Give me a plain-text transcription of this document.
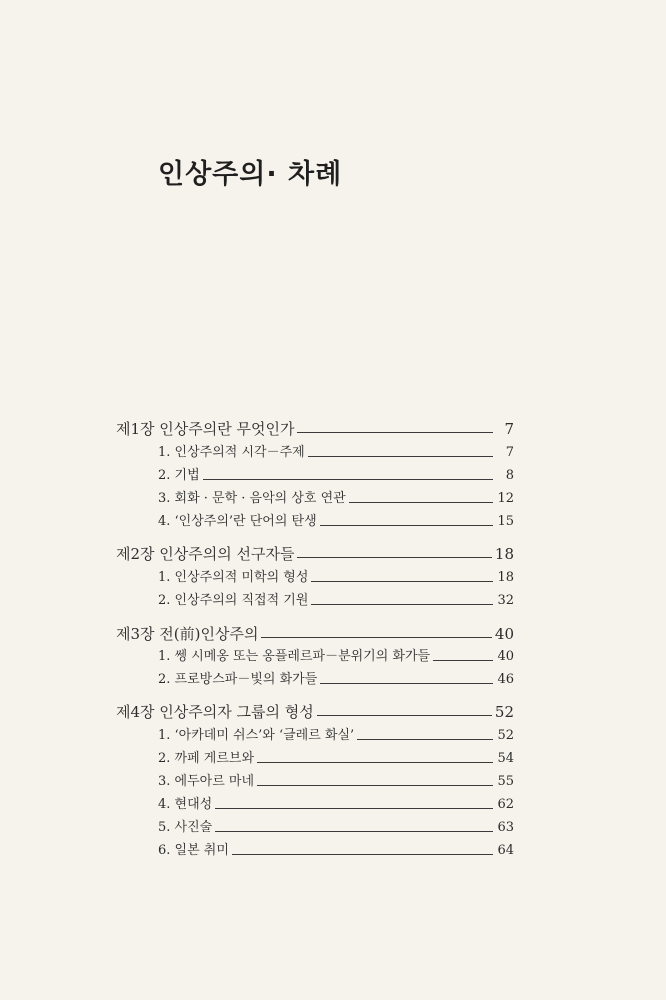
인상주의· 차례
제1장 인상주의란 무엇인가	7
1. 인상주의적 시각－주제	7
2. 기법	8
3. 회화 · 문학 · 음악의 상호 연관	12
4. ‘인상주의’란 단어의 탄생	15
제2장 인상주의의 선구자들	18
1. 인상주의적 미학의 형성	18
2. 인상주의의 직접적 기원	32
제3장 전(前)인상주의	40
1. 쎙 시메옹 또는 옹플레르파－분위기의 화가들	40
2. 프로방스파－빛의 화가들	46
제4장 인상주의자 그룹의 형성	52
1. ‘아카데미 쉬스’와 ‘글레르 화실’	52
2. 까페 게르브와	54
3. 에두아르 마네	55
4. 현대성	62
5. 사진술	63
6. 일본 취미	64
